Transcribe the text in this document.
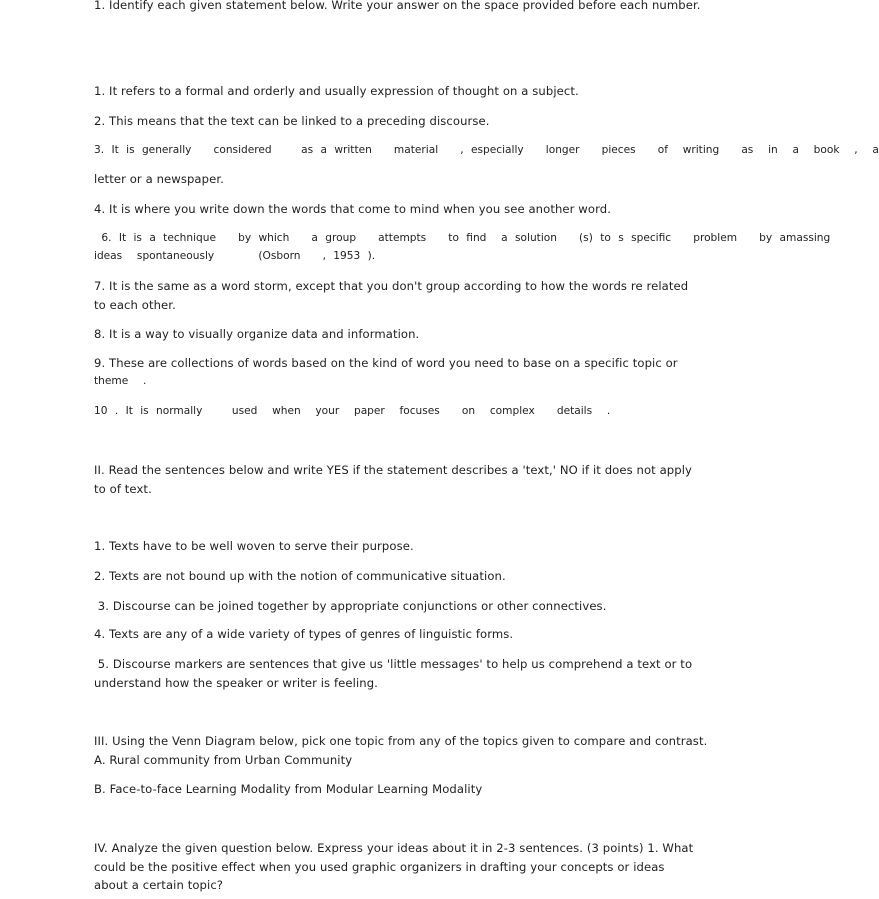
1. Identify each given statement below. Write your answer on the space provided before each number.
1. It refers to a formal and orderly and usually expression of thought on a subject.
2. This means that the text can be linked to a preceding discourse.
3. It is generally   considered    as a written   material   , especially   longer   pieces   of  writing   as  in  a  book  ,  a
letter or a newspaper.
4. It is where you write down the words that come to mind when you see another word.
6. It is a technique   by which   a group   attempts   to find  a solution   (s) to s specific   problem   by amassing
ideas  spontaneously      (Osborn   , 1953 ).
7. It is the same as a word storm, except that you don't group according to how the words re related to each other.
8. It is a way to visually organize data and information.
9. These are collections of words based on the kind of word you need to base on a specific topic or
theme  .
10 . It is normally    used  when  your  paper  focuses   on  complex   details  .
II. Read the sentences below and write YES if the statement describes a 'text,' NO if it does not apply to of text.
1. Texts have to be well woven to serve their purpose.
2. Texts are not bound up with the notion of communicative situation.
3. Discourse can be joined together by appropriate conjunctions or other connectives.
4. Texts are any of a wide variety of types of genres of linguistic forms.
5. Discourse markers are sentences that give us 'little messages' to help us comprehend a text or to understand how the speaker or writer is feeling.
III. Using the Venn Diagram below, pick one topic from any of the topics given to compare and contrast.
A. Rural community from Urban Community
B. Face-to-face Learning Modality from Modular Learning Modality
IV. Analyze the given question below. Express your ideas about it in 2-3 sentences. (3 points) 1. What could be the positive effect when you used graphic organizers in drafting your concepts or ideas about a certain topic?
